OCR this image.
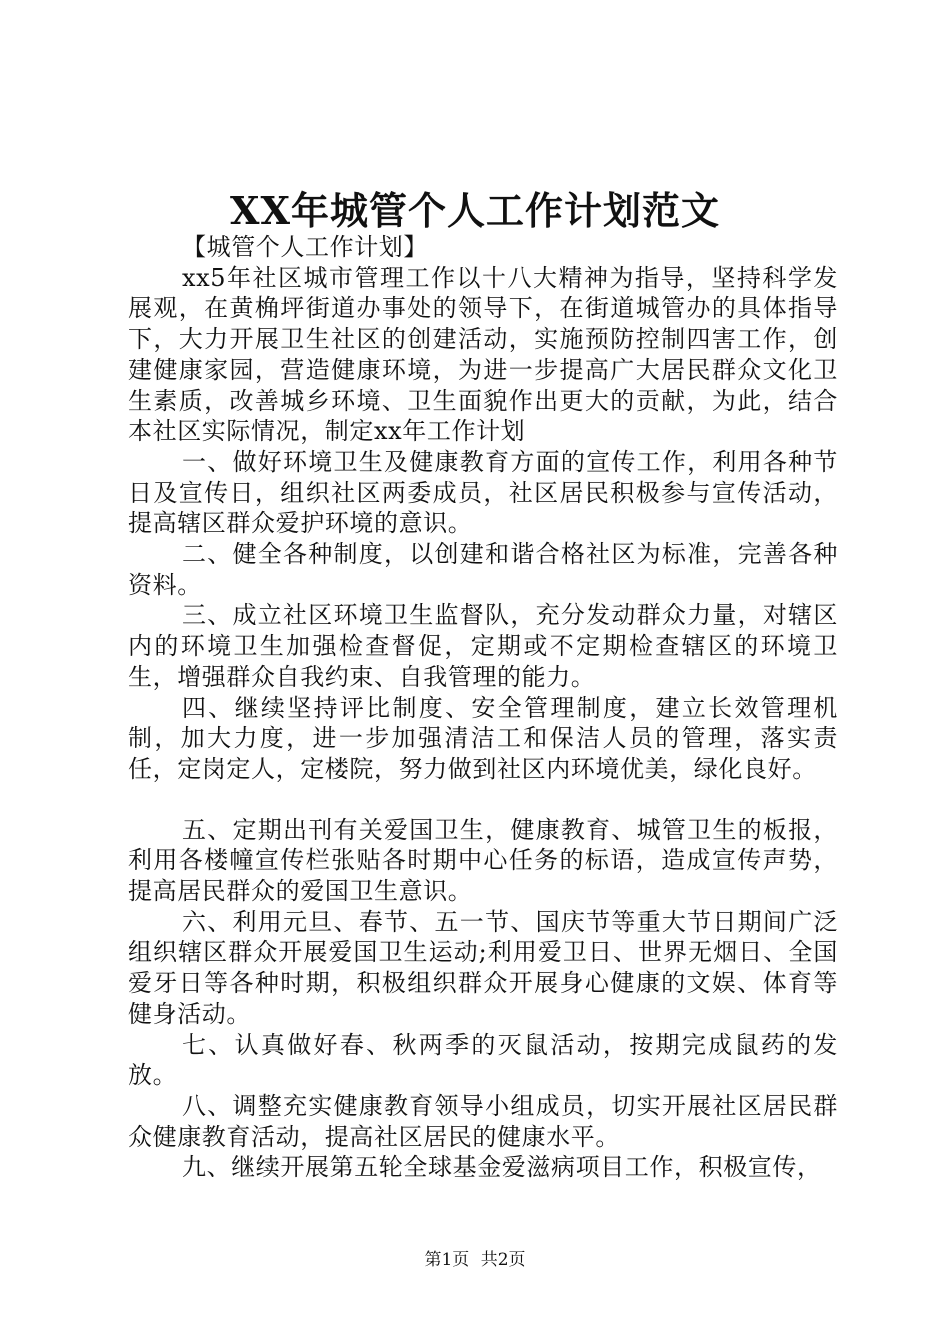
XX年城管个人工作计划范文

【城管个人工作计划】

xx5年社区城市管理工作以十八大精神为指导，坚持科学发展观，在黄桷坪街道办事处的领导下，在街道城管办的具体指导下，大力开展卫生社区的创建活动，实施预防控制四害工作，创建健康家园，营造健康环境，为进一步提高广大居民群众文化卫生素质，改善城乡环境、卫生面貌作出更大的贡献，为此，结合本社区实际情况，制定xx年工作计划

一、做好环境卫生及健康教育方面的宣传工作，利用各种节日及宣传日，组织社区两委成员，社区居民积极参与宣传活动，提高辖区群众爱护环境的意识。

二、健全各种制度，以创建和谐合格社区为标准，完善各种资料。

三、成立社区环境卫生监督队，充分发动群众力量，对辖区内的环境卫生加强检查督促，定期或不定期检查辖区的环境卫生，增强群众自我约束、自我管理的能力。

四、继续坚持评比制度、安全管理制度，建立长效管理机制，加大力度，进一步加强清洁工和保洁人员的管理，落实责任，定岗定人，定楼院，努力做到社区内环境优美，绿化良好。

五、定期出刊有关爱国卫生，健康教育、城管卫生的板报，利用各楼幢宣传栏张贴各时期中心任务的标语，造成宣传声势，提高居民群众的爱国卫生意识。

六、利用元旦、春节、五一节、国庆节等重大节日期间广泛组织辖区群众开展爱国卫生运动;利用爱卫日、世界无烟日、全国爱牙日等各种时期，积极组织群众开展身心健康的文娱、体育等健身活动。

七、认真做好春、秋两季的灭鼠活动，按期完成鼠药的发放。

八、调整充实健康教育领导小组成员，切实开展社区居民群众健康教育活动，提高社区居民的健康水平。

九、继续开展第五轮全球基金爱滋病项目工作，积极宣传，

第1页 共2页
